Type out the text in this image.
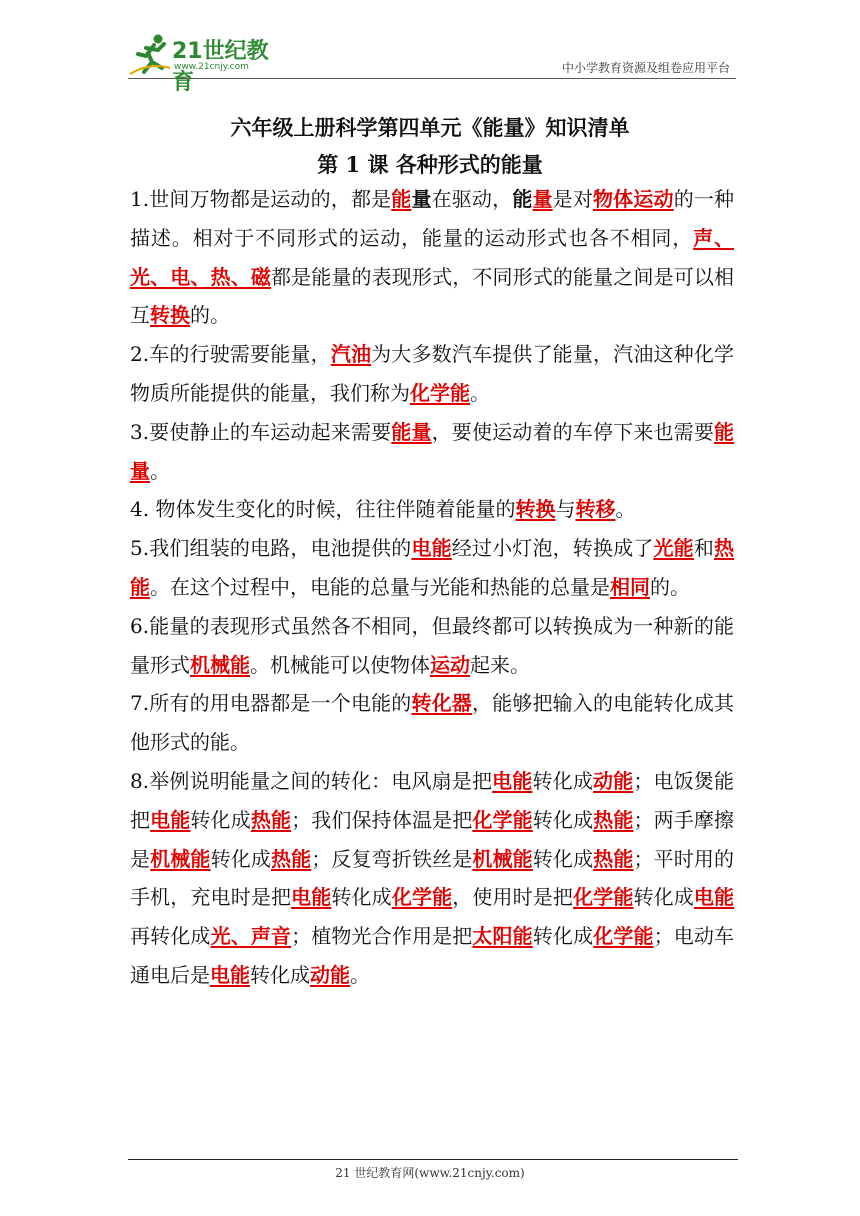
21世纪教育
www.21cnjy.com	中小学教育资源及组卷应用平台
六年级上册科学第四单元《能量》知识清单
第 1 课 各种形式的能量

1.世间万物都是运动的，都是能量在驱动，能量是对物体运动的一种描述。相对于不同形式的运动，能量的运动形式也各不相同，声、光、电、热、磁都是能量的表现形式，不同形式的能量之间是可以相互转换的。

2.车的行驶需要能量，汽油为大多数汽车提供了能量，汽油这种化学物质所能提供的能量，我们称为化学能。

3.要使静止的车运动起来需要能量，要使运动着的车停下来也需要能量。

4. 物体发生变化的时候，往往伴随着能量的转换与转移。

5.我们组装的电路，电池提供的电能经过小灯泡，转换成了光能和热能。在这个过程中，电能的总量与光能和热能的总量是相同的。

6.能量的表现形式虽然各不相同，但最终都可以转换成为一种新的能量形式机械能。机械能可以使物体运动起来。

7.所有的用电器都是一个电能的转化器，能够把输入的电能转化成其他形式的能。

8.举例说明能量之间的转化：电风扇是把电能转化成动能；电饭煲能把电能转化成热能；我们保持体温是把化学能转化成热能；两手摩擦是机械能转化成热能；反复弯折铁丝是机械能转化成热能；平时用的手机，充电时是把电能转化成化学能，使用时是把化学能转化成电能再转化成光、声音；植物光合作用是把太阳能转化成化学能；电动车通电后是电能转化成动能。

21 世纪教育网(www.21cnjy.com)
